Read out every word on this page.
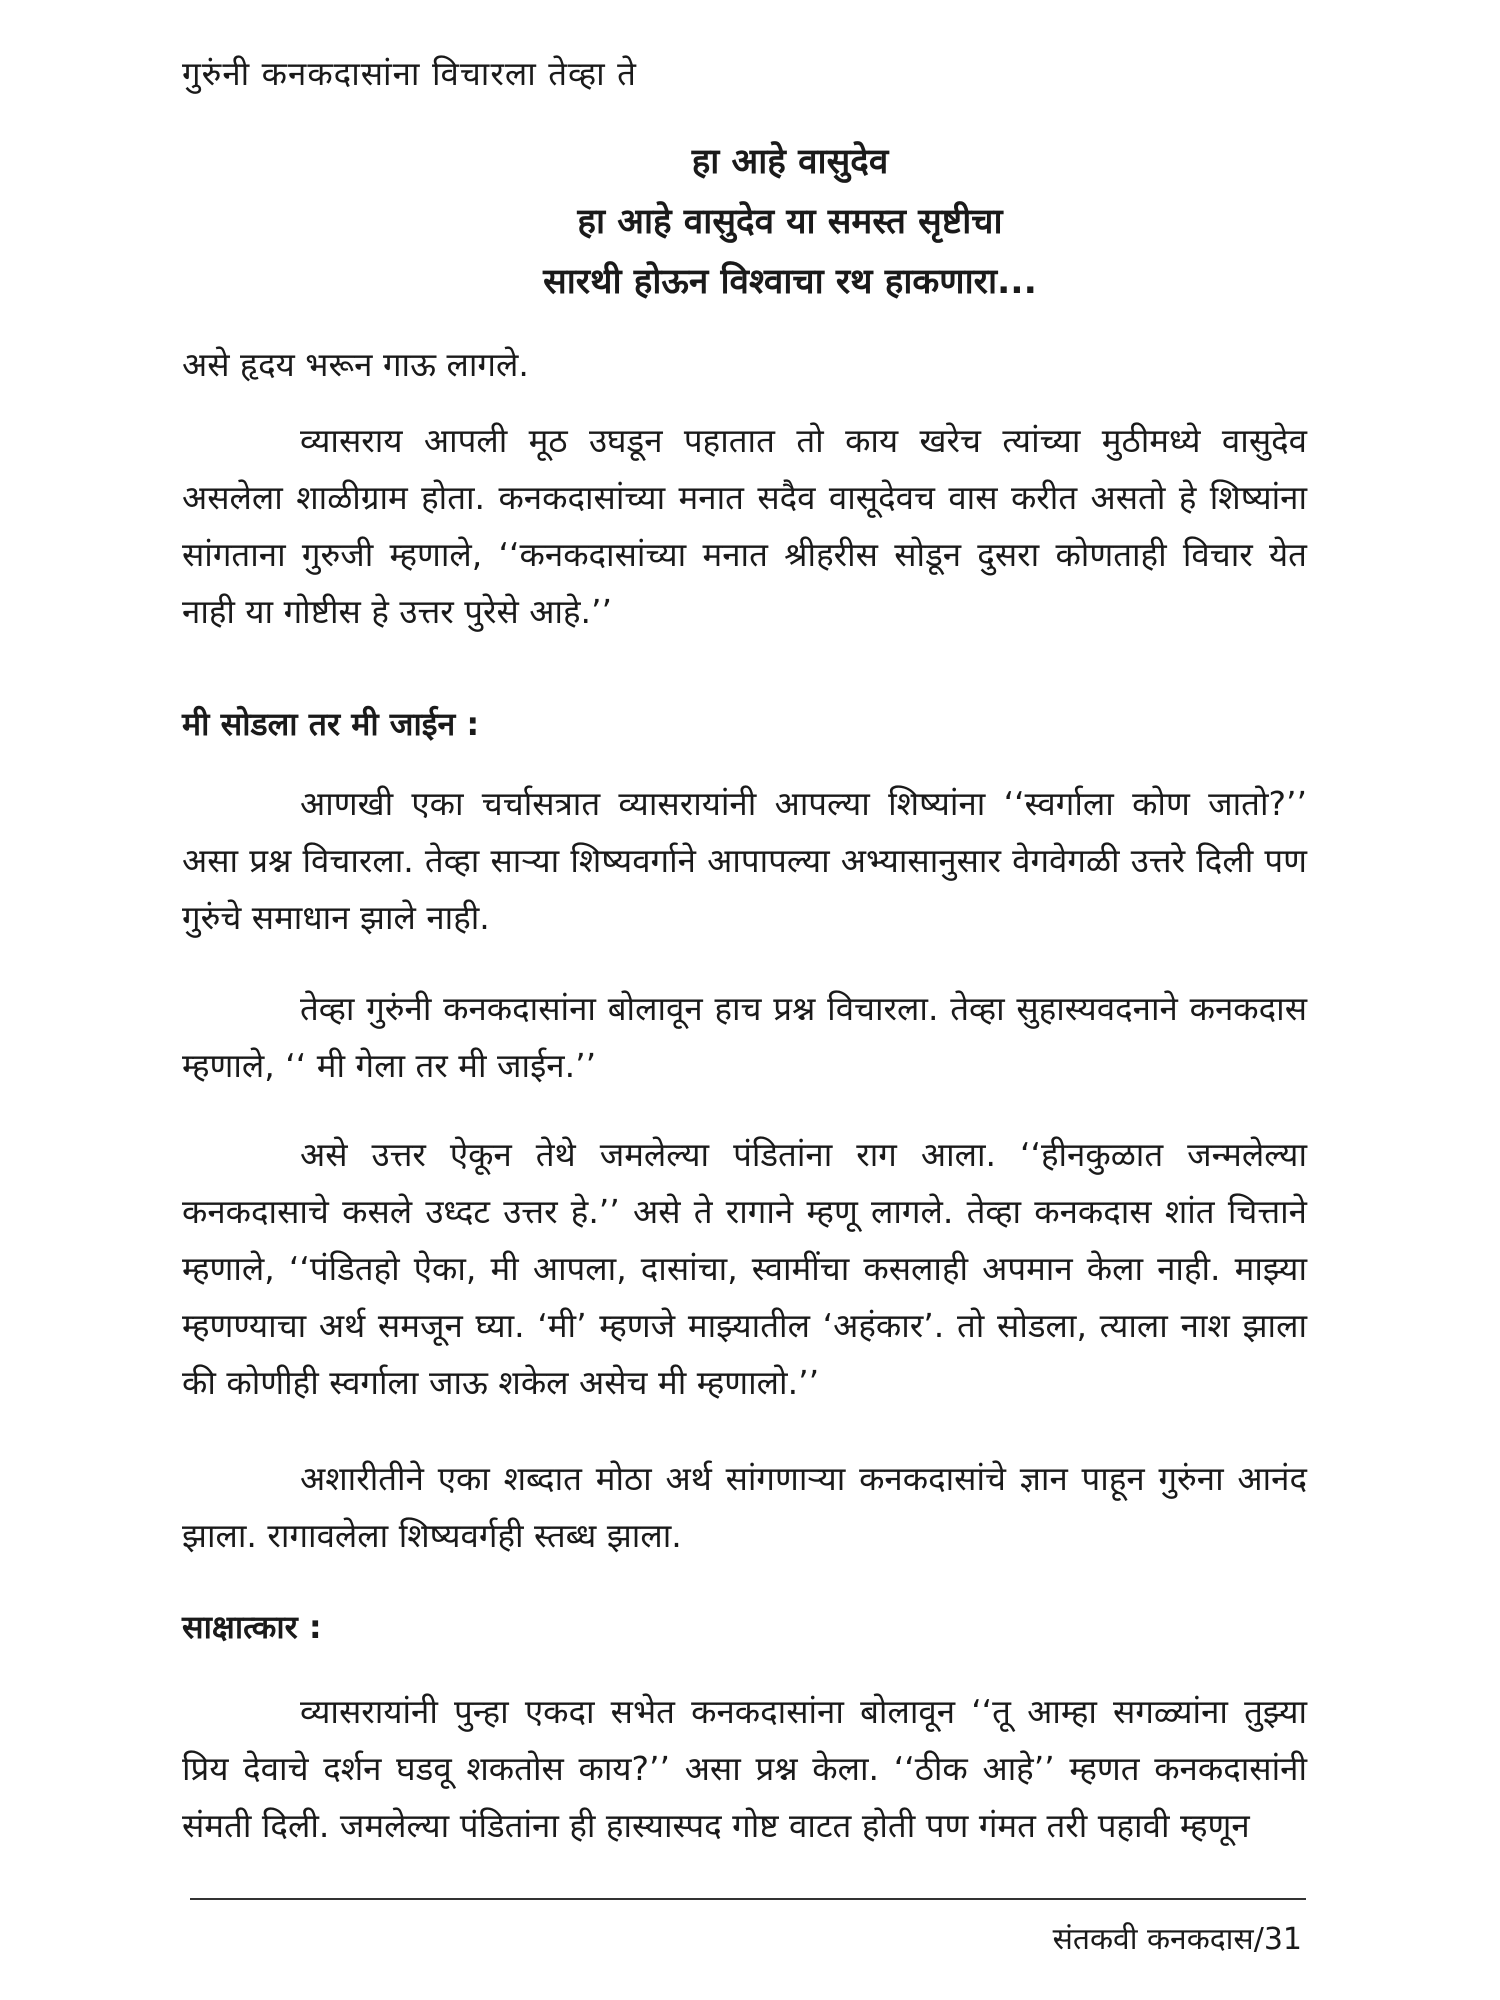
गुरुंनी कनकदासांना विचारला तेव्हा ते
हा आहे वासुदेव
हा आहे वासुदेव या समस्त सृष्टीचा
सारथी होऊन विश्वाचा रथ हाकणारा...
असे हृदय भरून गाऊ लागले.
व्यासराय आपली मूठ उघडून पहातात तो काय खरेच त्यांच्या मुठीमध्ये वासुदेव असलेला शाळीग्राम होता. कनकदासांच्या मनात सदैव वासूदेवच वास करीत असतो हे शिष्यांना सांगताना गुरुजी म्हणाले, ‘‘कनकदासांच्या मनात श्रीहरीस सोडून दुसरा कोणताही विचार येत नाही या गोष्टीस हे उत्तर पुरेसे आहे.’’
मी सोडला तर मी जाईन :
आणखी एका चर्चासत्रात व्यासरायांनी आपल्या शिष्यांना ‘‘स्वर्गाला कोण जातो?’’ असा प्रश्न विचारला. तेव्हा साऱ्या शिष्यवर्गाने आपापल्या अभ्यासानुसार वेगवेगळी उत्तरे दिली पण गुरुंचे समाधान झाले नाही.
तेव्हा गुरुंनी कनकदासांना बोलावून हाच प्रश्न विचारला. तेव्हा सुहास्यवदनाने कनकदास म्हणाले, ‘‘ मी गेला तर मी जाईन.’’
असे उत्तर ऐकून तेथे जमलेल्या पंडितांना राग आला. ‘‘हीनकुळात जन्मलेल्या कनकदासाचे कसले उध्दट उत्तर हे.’’ असे ते रागाने म्हणू लागले. तेव्हा कनकदास शांत चित्ताने म्हणाले, ‘‘पंडितहो ऐका, मी आपला, दासांचा, स्वामींचा कसलाही अपमान केला नाही. माझ्या म्हणण्याचा अर्थ समजून घ्या. ‘मी’ म्हणजे माझ्यातील ‘अहंकार’. तो सोडला, त्याला नाश झाला की कोणीही स्वर्गाला जाऊ शकेल असेच मी म्हणालो.’’
अशारीतीने एका शब्दात मोठा अर्थ सांगणाऱ्या कनकदासांचे ज्ञान पाहून गुरुंना आनंद झाला. रागावलेला शिष्यवर्गही स्तब्ध झाला.
साक्षात्कार :
व्यासरायांनी पुन्हा एकदा सभेत कनकदासांना बोलावून ‘‘तू आम्हा सगळ्यांना तुझ्या प्रिय देवाचे दर्शन घडवू शकतोस काय?’’ असा प्रश्न केला. ‘‘ठीक आहे’’ म्हणत कनकदासांनी संमती दिली. जमलेल्या पंडितांना ही हास्यास्पद गोष्ट वाटत होती पण गंमत तरी पहावी म्हणून
संतकवी कनकदास/31
